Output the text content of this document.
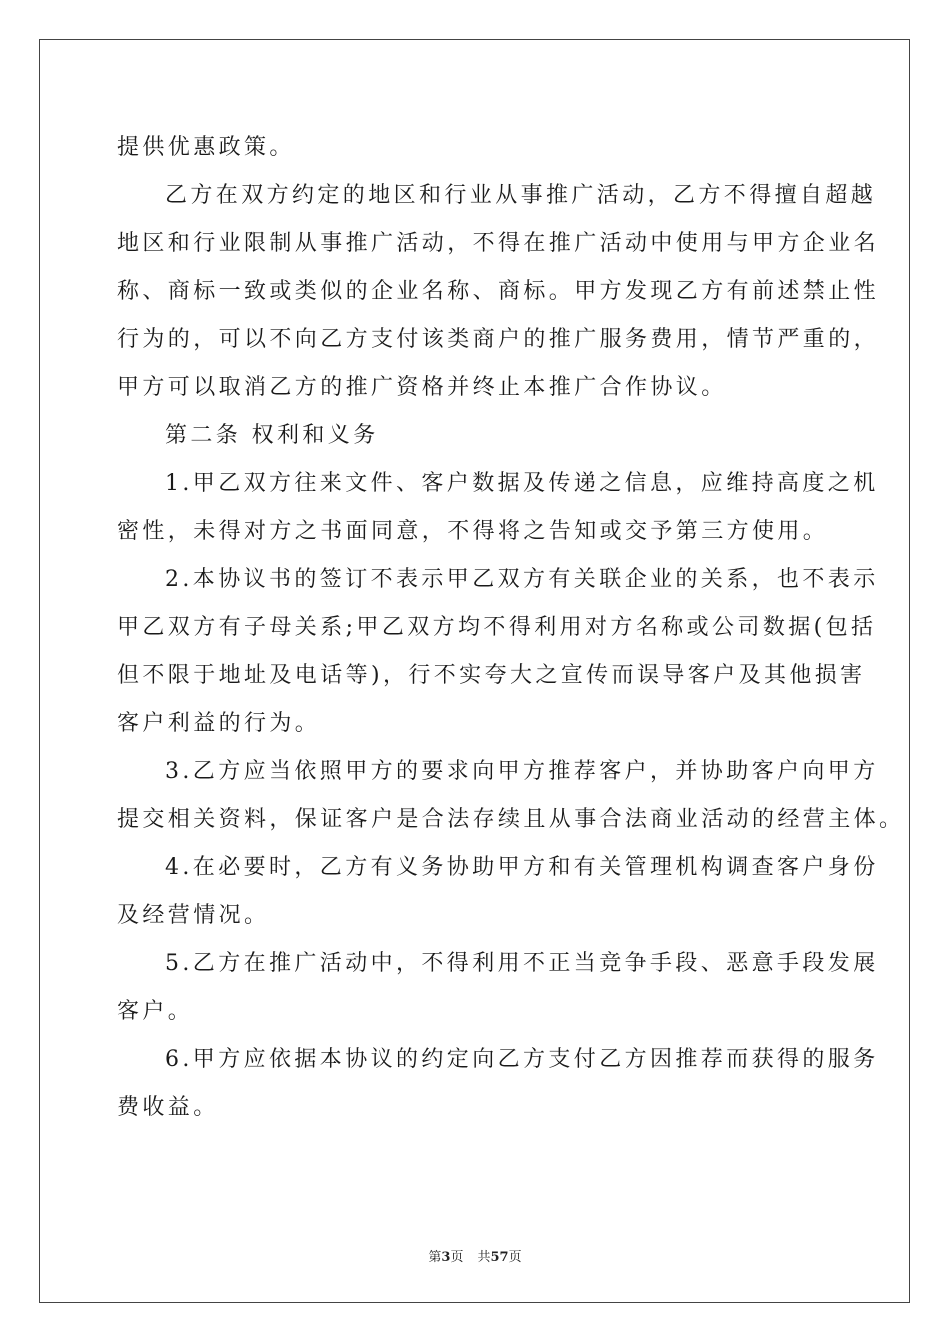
提供优惠政策。
乙方在双方约定的地区和行业从事推广活动，乙方不得擅自超越
地区和行业限制从事推广活动，不得在推广活动中使用与甲方企业名
称、商标一致或类似的企业名称、商标。甲方发现乙方有前述禁止性
行为的，可以不向乙方支付该类商户的推广服务费用，情节严重的，
甲方可以取消乙方的推广资格并终止本推广合作协议。
第二条 权利和义务
1.甲乙双方往来文件、客户数据及传递之信息，应维持高度之机
密性，未得对方之书面同意，不得将之告知或交予第三方使用。
2.本协议书的签订不表示甲乙双方有关联企业的关系，也不表示
甲乙双方有子母关系;甲乙双方均不得利用对方名称或公司数据(包括
但不限于地址及电话等)，行不实夸大之宣传而误导客户及其他损害
客户利益的行为。
3.乙方应当依照甲方的要求向甲方推荐客户，并协助客户向甲方
提交相关资料，保证客户是合法存续且从事合法商业活动的经营主体。
4.在必要时，乙方有义务协助甲方和有关管理机构调查客户身份
及经营情况。
5.乙方在推广活动中，不得利用不正当竞争手段、恶意手段发展
客户。
6.甲方应依据本协议的约定向乙方支付乙方因推荐而获得的服务
费收益。
第3页 共57页
